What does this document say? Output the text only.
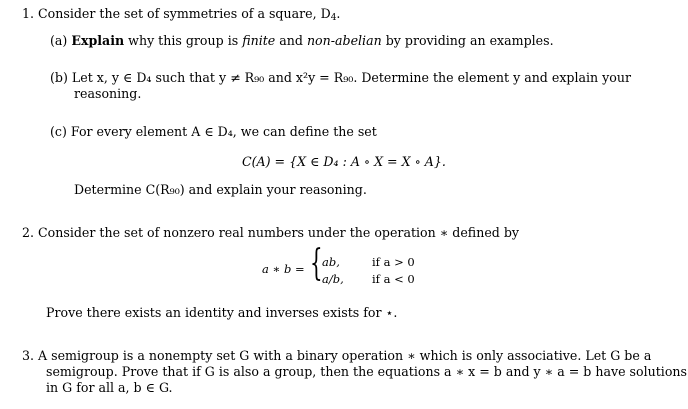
1. Consider the set of symmetries of a square, $D_4$.
(a) Explain why this group is finite and non-abelian by providing an examples.
(b) Let x, y ∈ D₄ such that y ≠ R₉₀ and x²y = R₉₀. Determine the element y and explain your
reasoning.
(c) For every element A ∈ D₄, we can define the set
C(A) = {X ∈ D₄ : A ∘ X = X ∘ A}.
Determine C(R₉₀) and explain your reasoning.
2. Consider the set of nonzero real numbers under the operation ∗ defined by
a ∗ b = { ab,	if a > 0
a/b, if a < 0
Prove there exists an identity and inverses exists for ⋆.
3. A semigroup is a nonempty set G with a binary operation ∗ which is only associative. Let G be a
semigroup. Prove that if G is also a group, then the equations a ∗ x = b and y ∗ a = b have solutions
in G for all a, b ∈ G.
